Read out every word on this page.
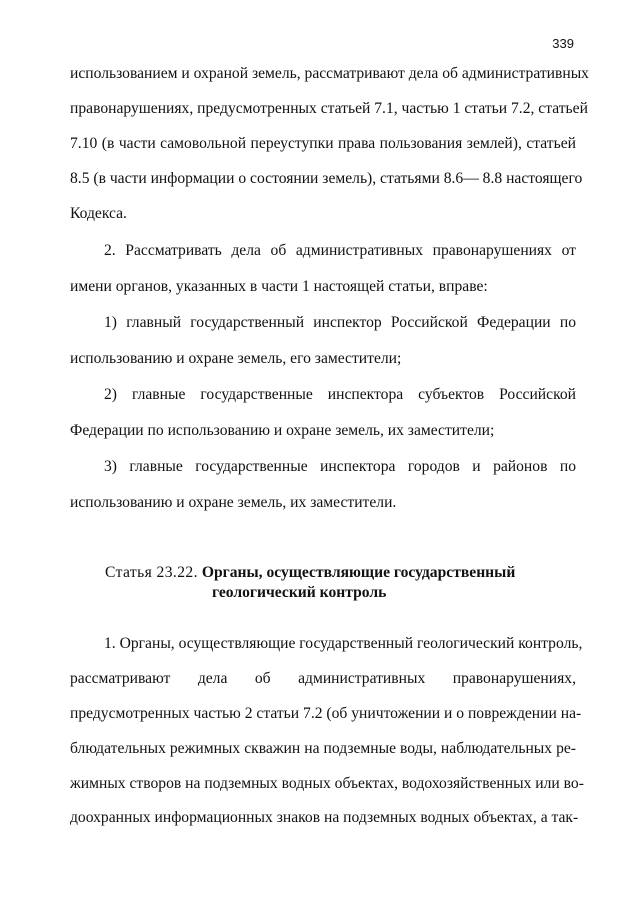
339
использованием и охраной земель, рассматривают дела об административных
правонарушениях, предусмотренных статьей 7.1, частью 1 статьи 7.2, статьей
7.10 (в части самовольной переуступки права пользования землей), статьей
8.5 (в части информации о состоянии земель), статьями 8.6— 8.8 настоящего
Кодекса.
2. Рассматривать дела об административных правонарушениях от
имени органов, указанных в части 1 настоящей статьи, вправе:
1) главный государственный инспектор Российской Федерации по
использованию и охране земель, его заместители;
2) главные государственные инспектора субъектов Российской
Федерации по использованию и охране земель, их заместители;
3) главные государственные инспектора городов и районов по
использованию и охране земель, их заместители.
Статья 23.22. Органы, осуществляющие государственный
геологический контроль
1. Органы, осуществляющие государственный геологический контроль,
рассматривают дела об административных правонарушениях,
предусмотренных частью 2 статьи 7.2 (об уничтожении и о повреждении на-
блюдательных режимных скважин на подземные воды, наблюдательных ре-
жимных створов на подземных водных объектах, водохозяйственных или во-
доохранных информационных знаков на подземных водных объектах, а так-
